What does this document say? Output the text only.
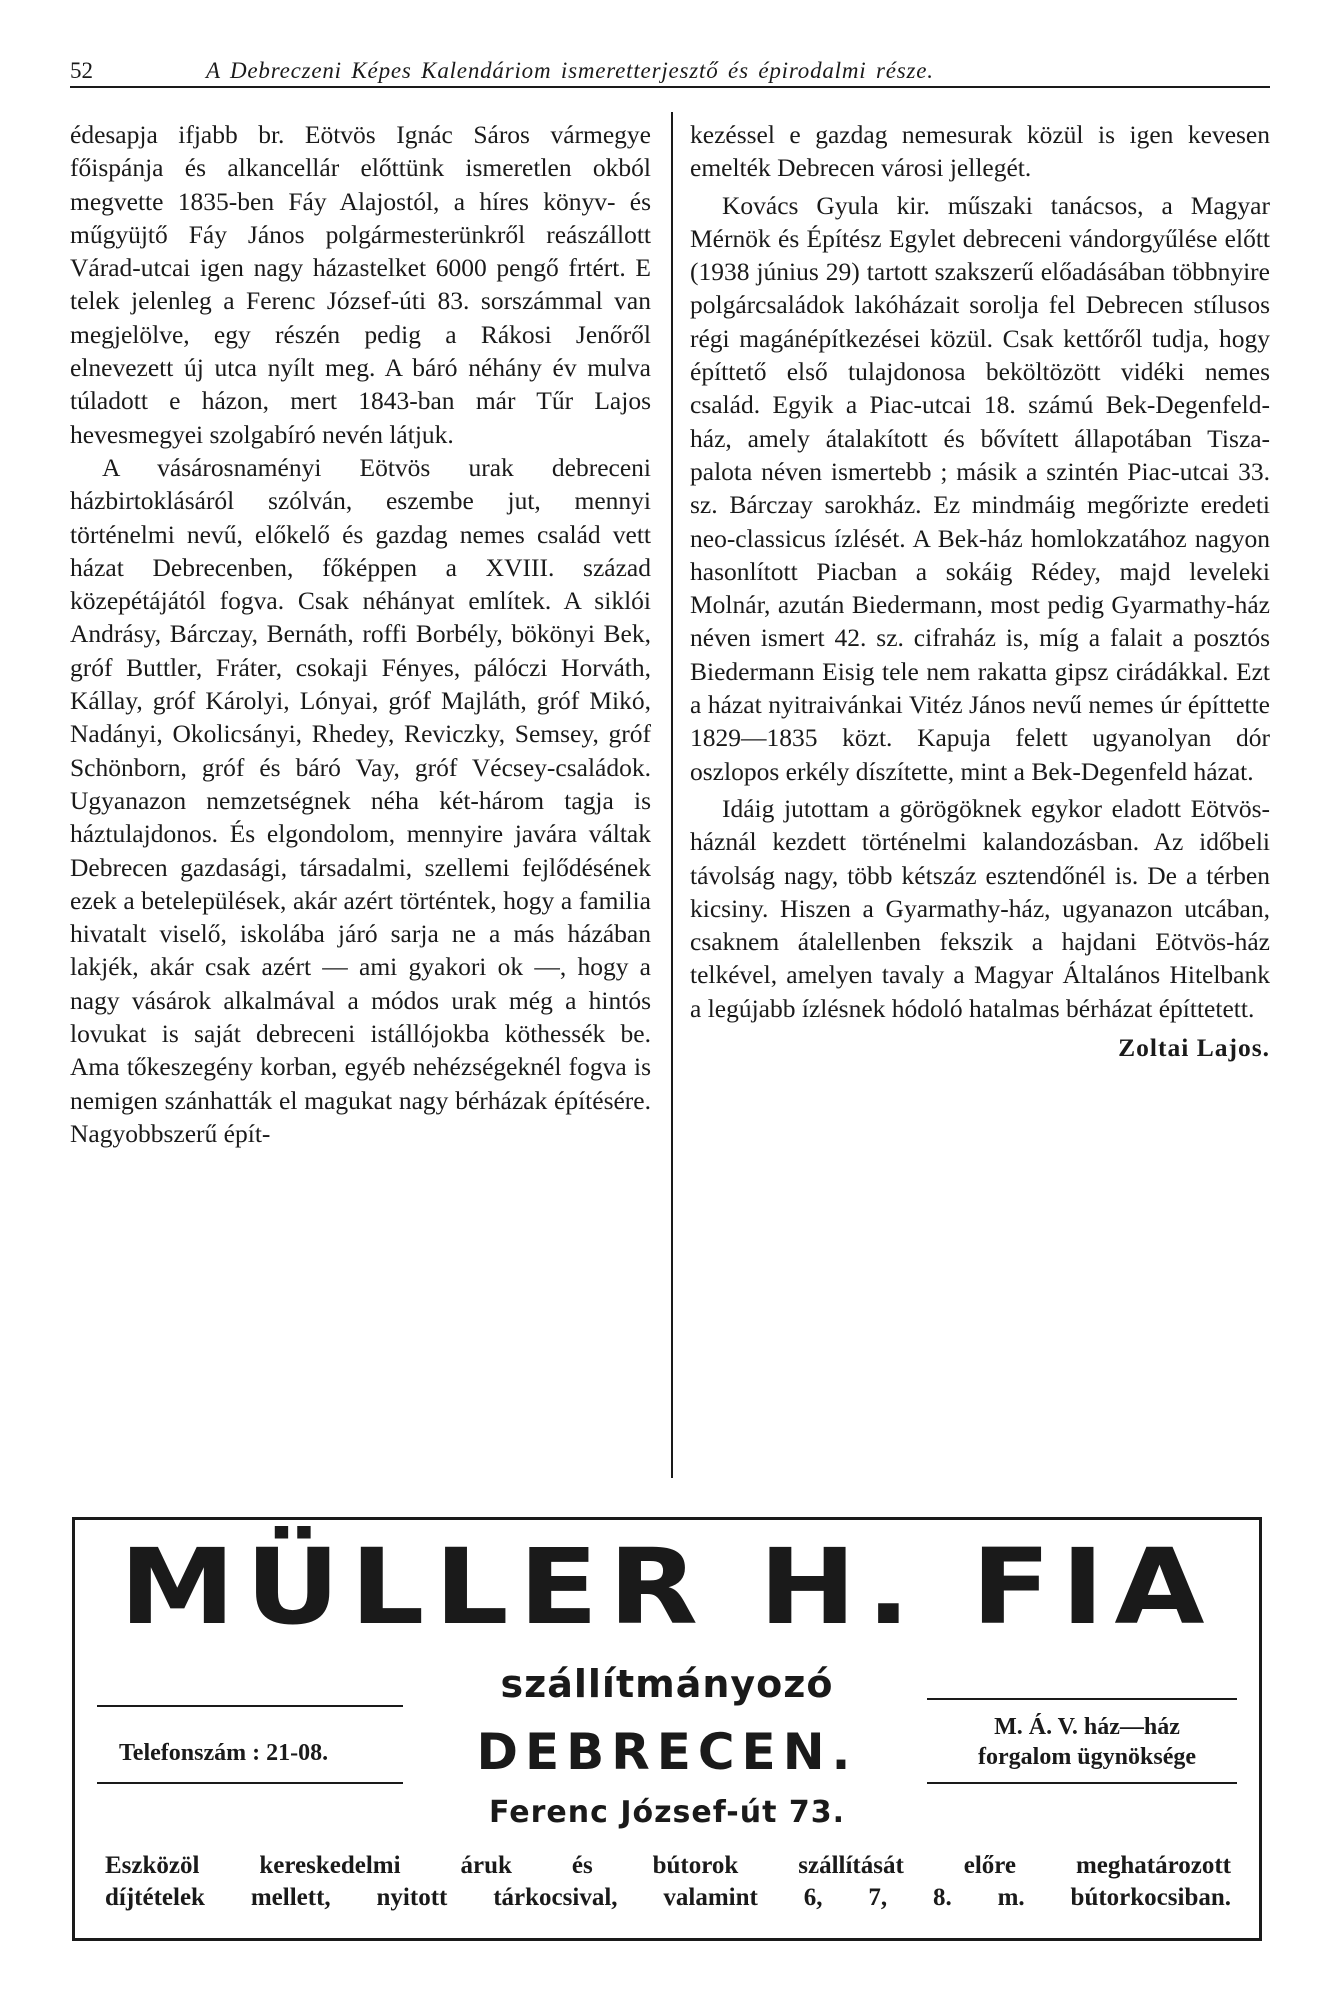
52	A Debreczeni Képes Kalendáriom ismeretterjesztő és épirodalmi része.

édesapja ifjabb br. Eötvös Ignác Sáros vármegye főispánja és alkancellár előttünk ismeretlen okból megvette 1835-ben Fáy Alajostól, a híres könyv- és műgyüjtő Fáy János polgármesterünkről reászállott Várad-utcai igen nagy házastelket 6000 pengő frtért. E telek jelenleg a Ferenc József-úti 83. sorszámmal van megjelölve, egy részén pedig a Rákosi Jenőről elnevezett új utca nyílt meg. A báró néhány év mulva túladott e házon, mert 1843-ban már Tűr Lajos hevesmegyei szolgabíró nevén látjuk.

A vásárosnaményi Eötvös urak debreceni házbirtoklásáról szólván, eszembe jut, mennyi történelmi nevű, előkelő és gazdag nemes család vett házat Debrecenben, főképpen a XVIII. század közepétájától fogva. Csak néhányat említek. A siklói Andrásy, Bárczay, Bernáth, roffi Borbély, bökönyi Bek, gróf Buttler, Fráter, csokaji Fényes, pálóczi Horváth, Kállay, gróf Károlyi, Lónyai, gróf Majláth, gróf Mikó, Nadányi, Okolicsányi, Rhedey, Reviczky, Semsey, gróf Schönborn, gróf és báró Vay, gróf Vécsey-családok. Ugyanazon nemzetségnek néha két-három tagja is háztulajdonos. És elgondolom, mennyire javára váltak Debrecen gazdasági, társadalmi, szellemi fejlődésének ezek a betelepülések, akár azért történtek, hogy a familia hivatalt viselő, iskolába járó sarja ne a más házában lakjék, akár csak azért — ami gyakori ok —, hogy a nagy vásárok alkalmával a módos urak még a hintós lovukat is saját debreceni istállójokba köthessék be. Ama tőkeszegény korban, egyéb nehézségeknél fogva is nemigen szánhatták el magukat nagy bérházak építésére. Nagyobbszerű épít-

kezéssel e gazdag nemesurak közül is igen kevesen emelték Debrecen városi jellegét.

Kovács Gyula kir. műszaki tanácsos, a Magyar Mérnök és Építész Egylet debreceni vándorgyűlése előtt (1938 június 29) tartott szakszerű előadásában többnyire polgárcsaládok lakóházait sorolja fel Debrecen stílusos régi magánépítkezései közül. Csak kettőről tudja, hogy építtető első tulajdonosa beköltözött vidéki nemes család. Egyik a Piac-utcai 18. számú Bek-Degenfeld-ház, amely átalakított és bővített állapotában Tisza-palota néven ismertebb ; másik a szintén Piac-utcai 33. sz. Bárczay sarokház. Ez mindmáig megőrizte eredeti neo-classicus ízlését. A Bek-ház homlokzatához nagyon hasonlított Piacban a sokáig Rédey, majd leveleki Molnár, azután Biedermann, most pedig Gyarmathy-ház néven ismert 42. sz. cifraház is, míg a falait a posztós Biedermann Eisig tele nem rakatta gipsz cirádákkal. Ezt a házat nyitraivánkai Vitéz János nevű nemes úr építtette 1829—1835 közt. Kapuja felett ugyanolyan dór oszlopos erkély díszítette, mint a Bek-Degenfeld házat.

Idáig jutottam a görögöknek egykor eladott Eötvös-háznál kezdett történelmi kalandozásban. Az időbeli távolság nagy, több kétszáz esztendőnél is. De a térben kicsiny. Hiszen a Gyarmathy-ház, ugyanazon utcában, csaknem átalellenben fekszik a hajdani Eötvös-ház telkével, amelyen tavaly a Magyar Általános Hitelbank a legújabb ízlésnek hódoló hatalmas bérházat építtetett.

Zoltai Lajos.

MÜLLER H. FIA
szállítmányozó
Telefonszám : 21-08.	DEBRECEN.	M. Á. V. ház—ház
forgalom ügynöksége
Ferenc József-út 73.
Eszközöl kereskedelmi áruk és bútorok szállítását előre meghatározott
díjtételek mellett, nyitott tárkocsival, valamint 6, 7, 8. m. bútorkocsiban.
